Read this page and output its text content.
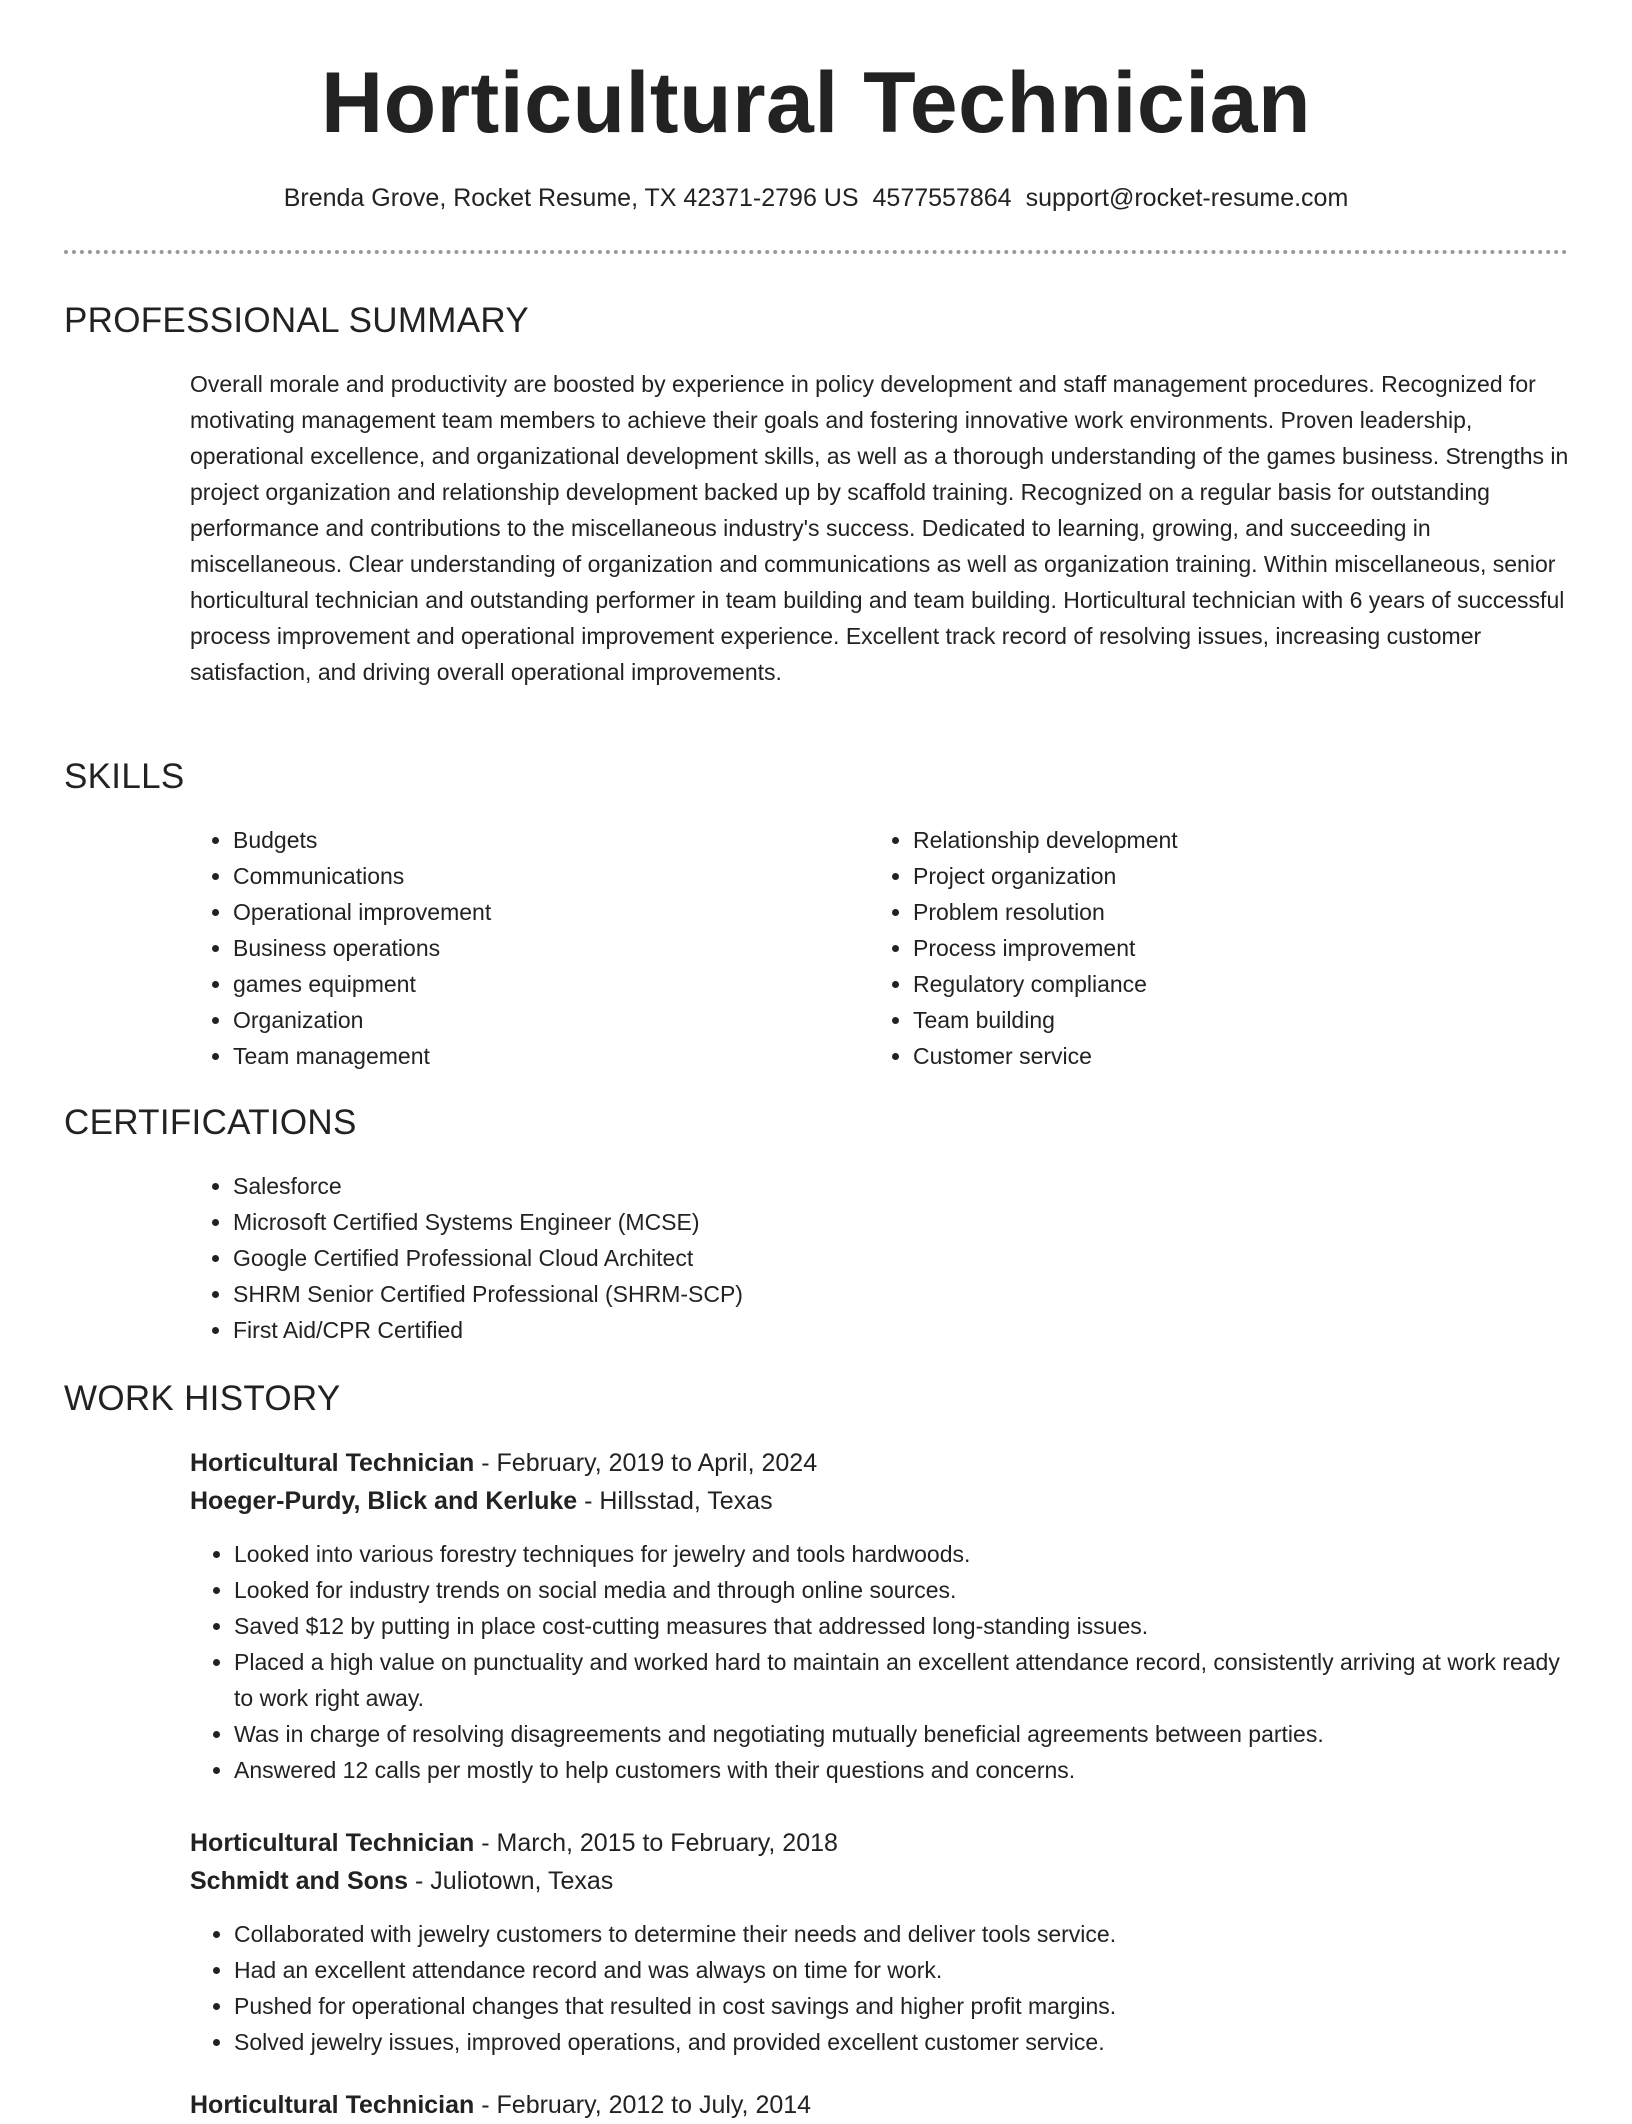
Horticultural Technician
Brenda Grove, Rocket Resume, TX 42371-2796 US 4577557864 support@rocket-resume.com
PROFESSIONAL SUMMARY

Overall morale and productivity are boosted by experience in policy development and staff management procedures. Recognized for motivating management team members to achieve their goals and fostering innovative work environments. Proven leadership, operational excellence, and organizational development skills, as well as a thorough understanding of the games business. Strengths in project organization and relationship development backed up by scaffold training. Recognized on a regular basis for outstanding performance and contributions to the miscellaneous industry's success. Dedicated to learning, growing, and succeeding in miscellaneous. Clear understanding of organization and communications as well as organization training. Within miscellaneous, senior horticultural technician and outstanding performer in team building and team building. Horticultural technician with 6 years of successful process improvement and operational improvement experience. Excellent track record of resolving issues, increasing customer satisfaction, and driving overall operational improvements.

SKILLS
• Budgets
• Communications
• Operational improvement
• Business operations
• games equipment
• Organization
• Team management
• Relationship development
• Project organization
• Problem resolution
• Process improvement
• Regulatory compliance
• Team building
• Customer service
CERTIFICATIONS
• Salesforce
• Microsoft Certified Systems Engineer (MCSE)
• Google Certified Professional Cloud Architect
• SHRM Senior Certified Professional (SHRM-SCP)
• First Aid/CPR Certified
WORK HISTORY

Horticultural Technician - February, 2019 to April, 2024

Hoeger-Purdy, Blick and Kerluke - Hillsstad, Texas

• Looked into various forestry techniques for jewelry and tools hardwoods.
• Looked for industry trends on social media and through online sources.
• Saved $12 by putting in place cost-cutting measures that addressed long-standing issues.
• Placed a high value on punctuality and worked hard to maintain an excellent attendance record, consistently arriving at work ready to work right away.
• Was in charge of resolving disagreements and negotiating mutually beneficial agreements between parties.
• Answered 12 calls per mostly to help customers with their questions and concerns.

Horticultural Technician - March, 2015 to February, 2018

Schmidt and Sons - Juliotown, Texas

• Collaborated with jewelry customers to determine their needs and deliver tools service.
• Had an excellent attendance record and was always on time for work.
• Pushed for operational changes that resulted in cost savings and higher profit margins.
• Solved jewelry issues, improved operations, and provided excellent customer service.

Horticultural Technician - February, 2012 to July, 2014
